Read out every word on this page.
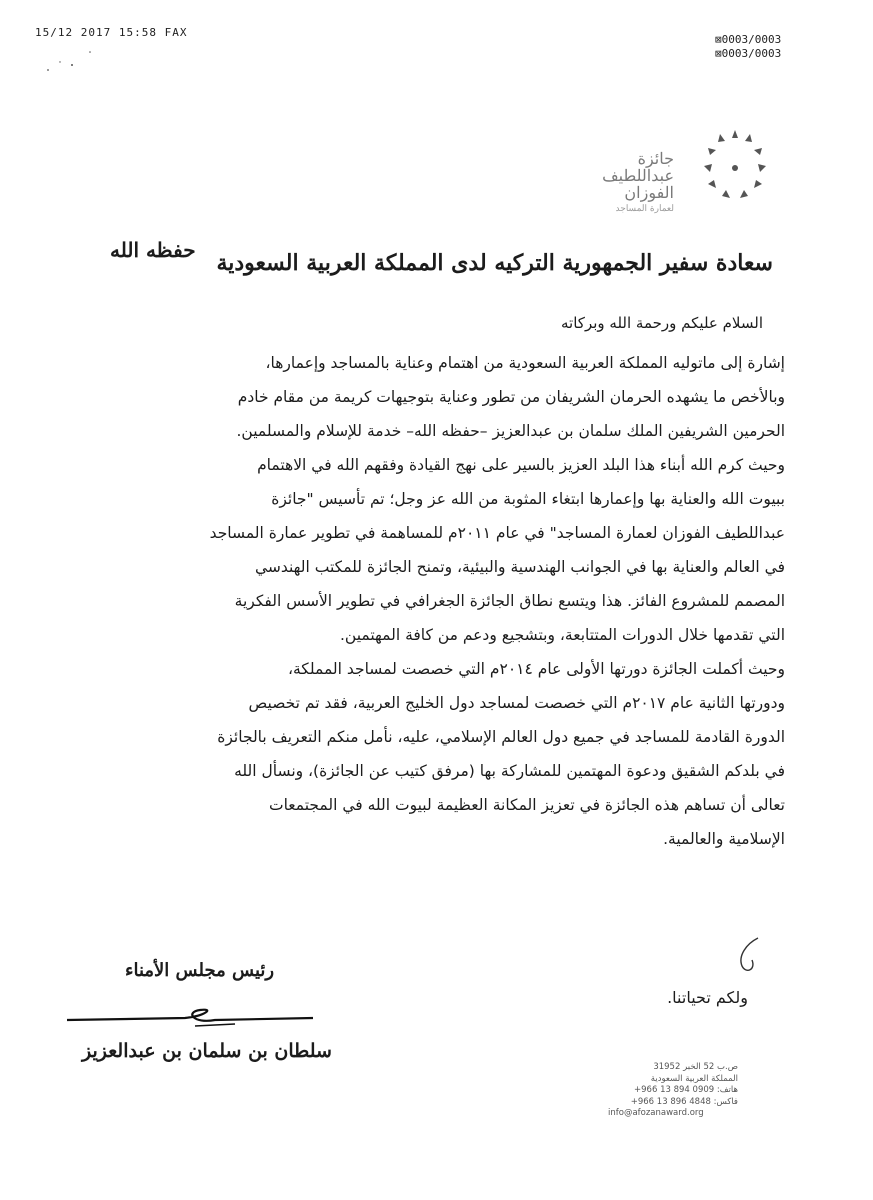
15/12 2017 15:58 FAX
⊠0003/0003
⊠0003/0003
جائزة
عبداللطيف الفوزان
لعمارة المساجد
حفظه الله سعادة سفير الجمهورية التركيه لدى المملكة العربية السعودية
السلام عليكم ورحمة الله وبركاته

إشارة إلى ماتوليه المملكة العربية السعودية من اهتمام وعناية بالمساجد وإعمارها،

وبالأخص ما يشهده الحرمان الشريفان من تطور وعناية بتوجيهات كريمة من مقام خادم

الحرمين الشريفين الملك سلمان بن عبدالعزيز –حفظه الله– خدمة للإسلام والمسلمين.

وحيث كرم الله أبناء هذا البلد العزيز بالسير على نهج القيادة وفقهم الله في الاهتمام

ببيوت الله والعناية بها وإعمارها ابتغاء المثوبة من الله عز وجل؛ تم تأسيس "جائزة

عبداللطيف الفوزان لعمارة المساجد" في عام ٢٠١١م للمساهمة في تطوير عمارة المساجد

في العالم والعناية بها في الجوانب الهندسية والبيئية، وتمنح الجائزة للمكتب الهندسي

المصمم للمشروع الفائز. هذا ويتسع نطاق الجائزة الجغرافي في تطوير الأسس الفكرية

التي تقدمها خلال الدورات المتتابعة، وبتشجيع ودعم من كافة المهتمين.

وحيث أكملت الجائزة دورتها الأولى عام ٢٠١٤م التي خصصت لمساجد المملكة،

ودورتها الثانية عام ٢٠١٧م التي خصصت لمساجد دول الخليج العربية، فقد تم تخصيص

الدورة القادمة للمساجد في جميع دول العالم الإسلامي، عليه، نأمل منكم التعريف بالجائزة

في بلدكم الشقيق ودعوة المهتمين للمشاركة بها (مرفق كتيب عن الجائزة)، ونسأل الله

تعالى أن تساهم هذه الجائزة في تعزيز المكانة العظيمة لبيوت الله في المجتمعات

الإسلامية والعالمية.

ولكم تحياتنا.
رئيس مجلس الأمناء
سلطان بن سلمان بن عبدالعزيز
ص.ب 52 الخبر 31952
المملكة العربية السعودية
هاتف: 0909 894 13 966+
فاكس: 4848 896 13 966+
info@afozanaward.org
